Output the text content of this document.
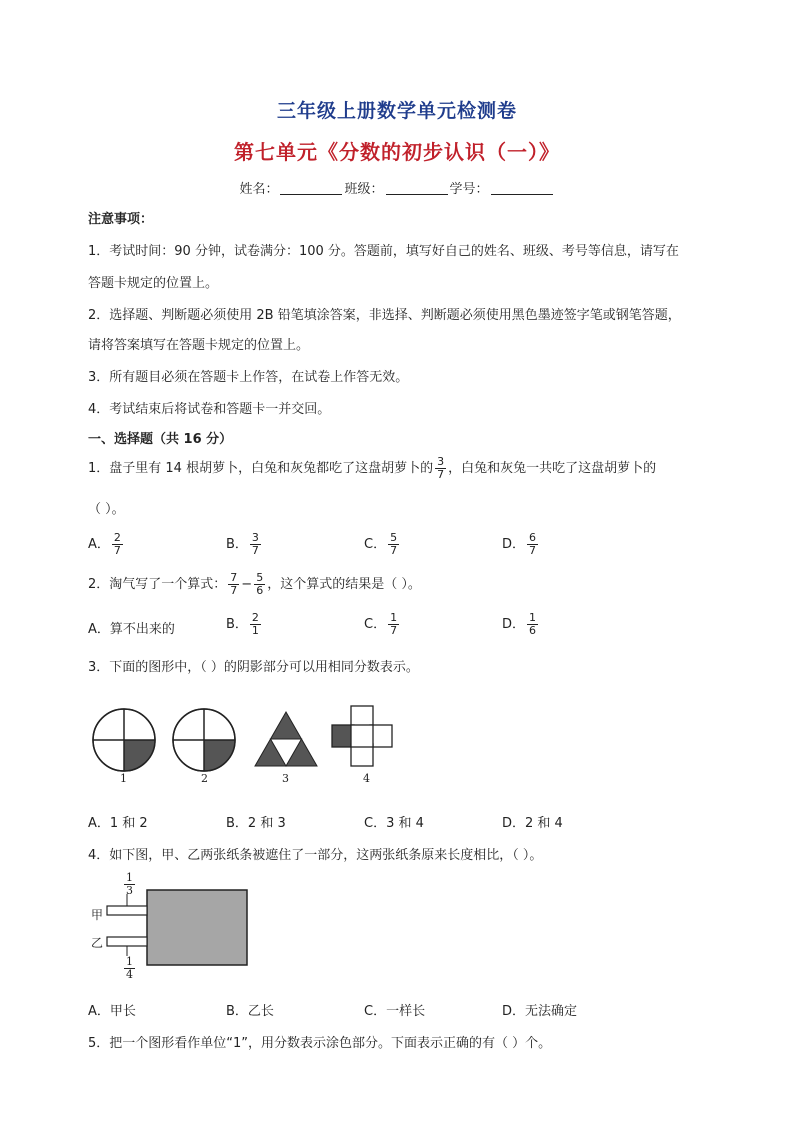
三年级上册数学单元检测卷
第七单元《分数的初步认识（一）》
姓名：	班级：	学号：
注意事项：
1．考试时间：90 分钟，试卷满分：100 分。答题前，填写好自己的姓名、班级、考号等信息，请写在
答题卡规定的位置上。
2．选择题、判断题必须使用 2B 铅笔填涂答案，非选择、判断题必须使用黑色墨迹签字笔或钢笔答题，
请将答案填写在答题卡规定的位置上。
3．所有题目必须在答题卡上作答，在试卷上作答无效。
4．考试结束后将试卷和答题卡一并交回。
一、选择题（共 16 分）
1．盘子里有 14 根胡萝卜，白兔和灰兔都吃了这盘胡萝卜的 $\frac{3}{7}$ ，白兔和灰兔一共吃了这盘胡萝卜的
（ ）。
A． $\frac{2}{7}$	B． $\frac{3}{7}$	C． $\frac{5}{7}$	D． $\frac{6}{7}$
2．淘气写了一个算式： $\frac{7}{7} - \frac{5}{6}$ ，这个算式的结果是（ ）。
A．算不出来的	B． $\frac{2}{1}$	C． $\frac{1}{7}$	D． $\frac{1}{6}$
3．下面的图形中，（ ）的阴影部分可以用相同分数表示。
1	2	3	4
A．1 和 2	B．2 和 3	C．3 和 4	D．2 和 4
4．如下图，甲、乙两张纸条被遮住了一部分，这两张纸条原来长度相比，（ ）。
甲
乙
$\frac{1}{3}$
$\frac{1}{4}$
A．甲长	B．乙长	C．一样长	D．无法确定
5．把一个图形看作单位“1”，用分数表示涂色部分。下面表示正确的有（ ）个。
